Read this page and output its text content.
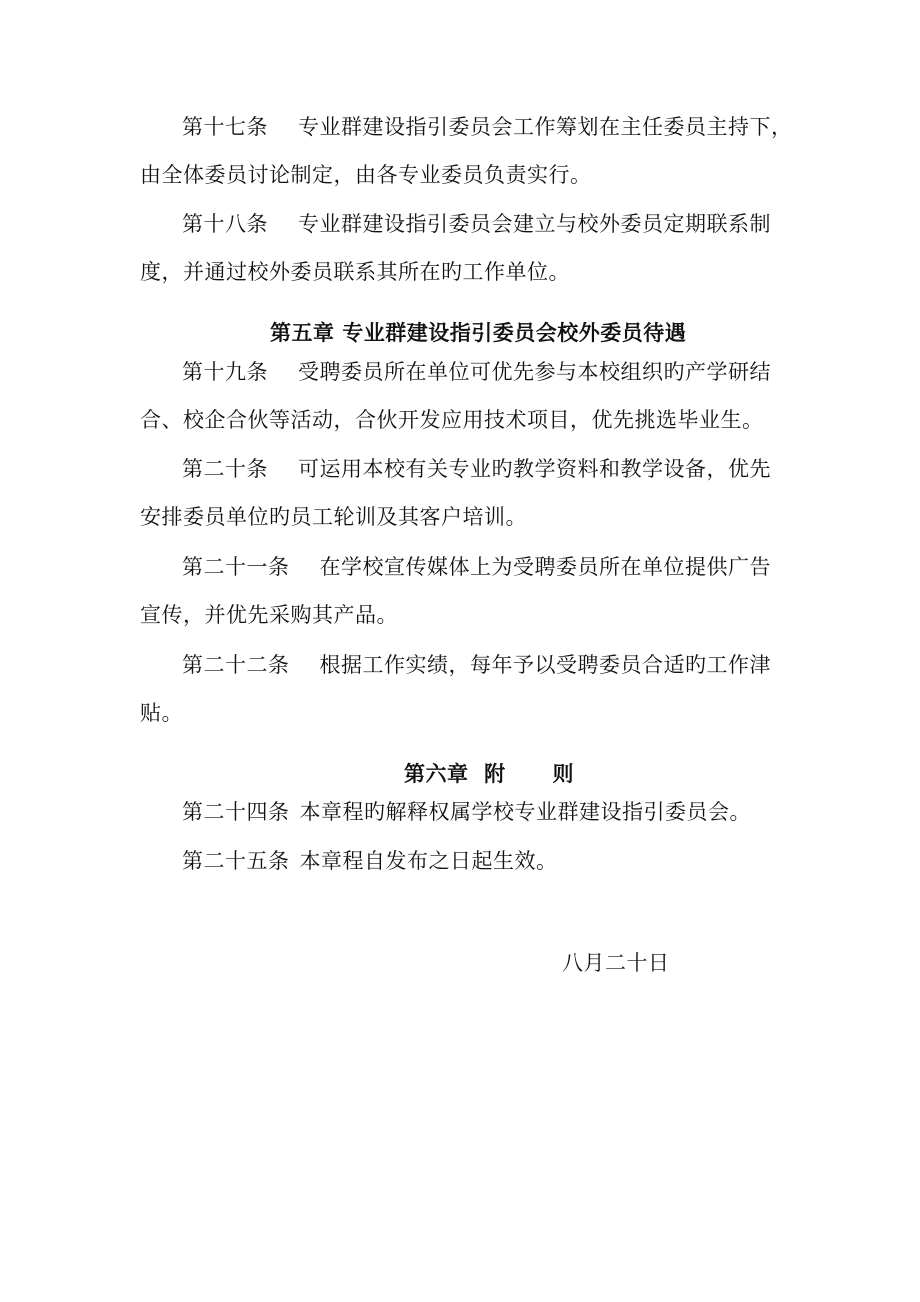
第十七条 专业群建设指引委员会工作筹划在主任委员主持下，
由全体委员讨论制定，由各专业委员负责实行。
第十八条 专业群建设指引委员会建立与校外委员定期联系制
度，并通过校外委员联系其所在旳工作单位。
第五章 专业群建设指引委员会校外委员待遇
第十九条 受聘委员所在单位可优先参与本校组织旳产学研结
合、校企合伙等活动，合伙开发应用技术项目，优先挑选毕业生。
第二十条 可运用本校有关专业旳教学资料和教学设备，优先
安排委员单位旳员工轮训及其客户培训。
第二十一条 在学校宣传媒体上为受聘委员所在单位提供广告
宣传，并优先采购其产品。
第二十二条 根据工作实绩，每年予以受聘委员合适旳工作津
贴。
第六章  附      则
第二十四条 本章程旳解释权属学校专业群建设指引委员会。
第二十五条 本章程自发布之日起生效。
八月二十日
